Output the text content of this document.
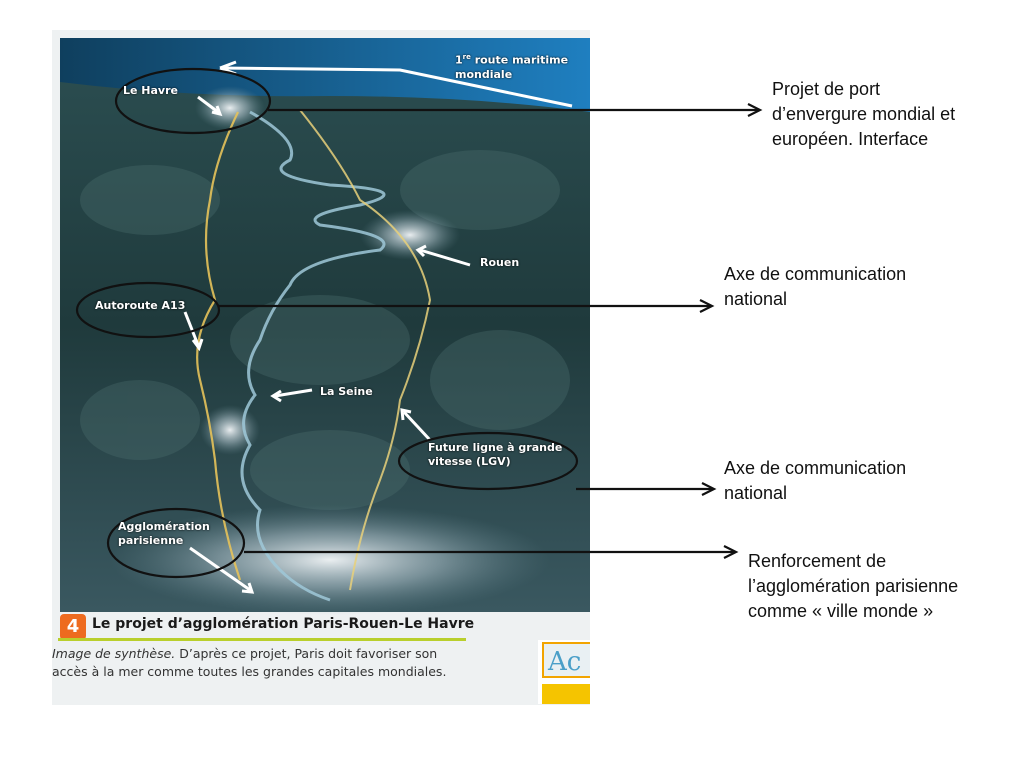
1re route maritime
mondiale
Le Havre
Rouen
Autoroute A13
La Seine
Future ligne à grande
vitesse (LGV)
Agglomération
parisienne
4 Le projet d’agglomération Paris-Rouen-Le Havre
Image de synthèse. D’après ce projet, Paris doit favoriser son
accès à la mer comme toutes les grandes capitales mondiales.	Ac
Projet de port
d’envergure mondial et
européen. Interface
Axe de communication
national
Axe de communication
national
Renforcement de
l’agglomération parisienne
comme « ville monde »
